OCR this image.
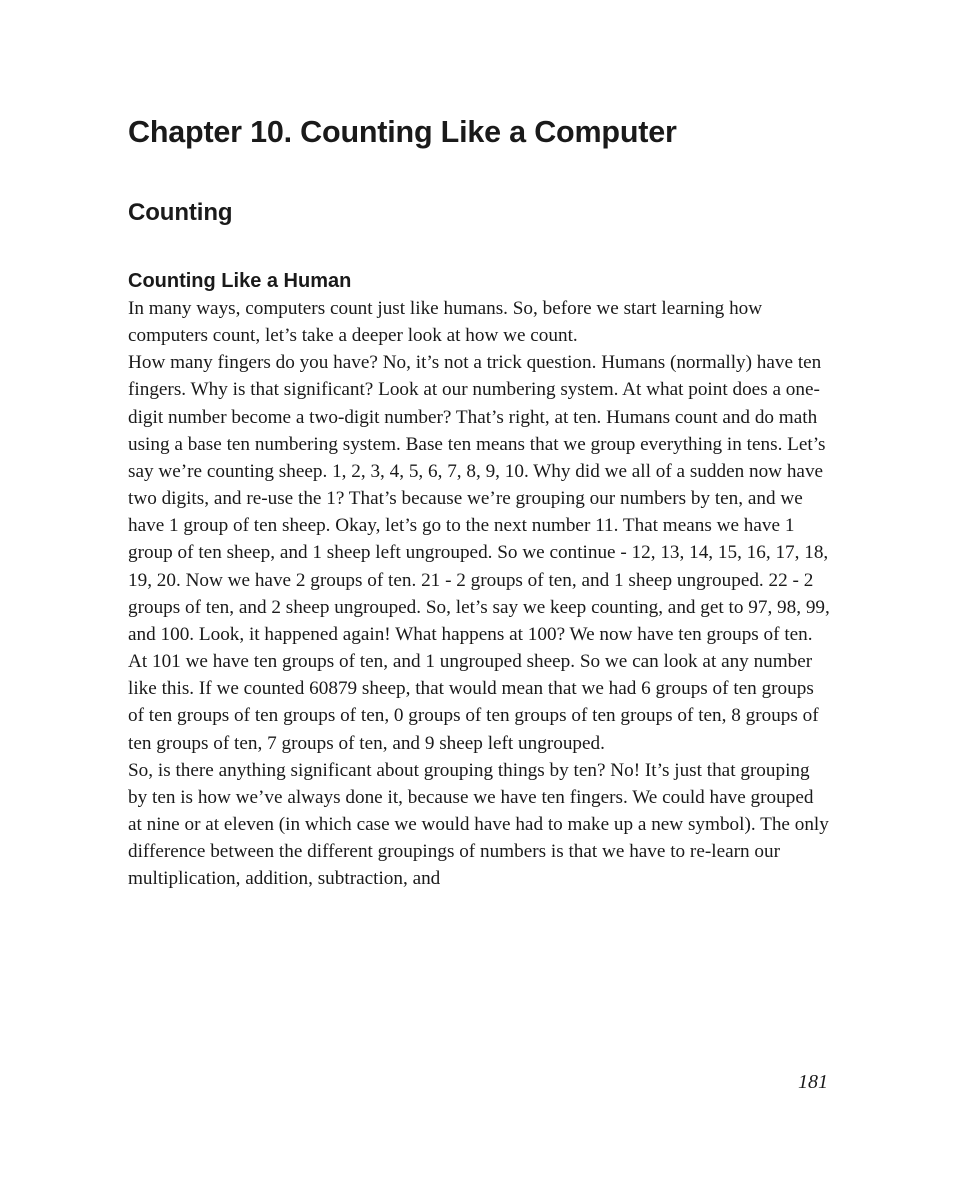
Chapter 10. Counting Like a Computer
Counting
Counting Like a Human

In many ways, computers count just like humans. So, before we start learning how computers count, let’s take a deeper look at how we count.

How many fingers do you have? No, it’s not a trick question. Humans (normally) have ten fingers. Why is that significant? Look at our numbering system. At what point does a one-digit number become a two-digit number? That’s right, at ten. Humans count and do math using a base ten numbering system. Base ten means that we group everything in tens. Let’s say we’re counting sheep. 1, 2, 3, 4, 5, 6, 7, 8, 9, 10. Why did we all of a sudden now have two digits, and re-use the 1? That’s because we’re grouping our numbers by ten, and we have 1 group of ten sheep. Okay, let’s go to the next number 11. That means we have 1 group of ten sheep, and 1 sheep left ungrouped. So we continue - 12, 13, 14, 15, 16, 17, 18, 19, 20. Now we have 2 groups of ten. 21 - 2 groups of ten, and 1 sheep ungrouped. 22 - 2 groups of ten, and 2 sheep ungrouped. So, let’s say we keep counting, and get to 97, 98, 99, and 100. Look, it happened again! What happens at 100? We now have ten groups of ten. At 101 we have ten groups of ten, and 1 ungrouped sheep. So we can look at any number like this. If we counted 60879 sheep, that would mean that we had 6 groups of ten groups of ten groups of ten groups of ten, 0 groups of ten groups of ten groups of ten, 8 groups of ten groups of ten, 7 groups of ten, and 9 sheep left ungrouped.

So, is there anything significant about grouping things by ten? No! It’s just that grouping by ten is how we’ve always done it, because we have ten fingers. We could have grouped at nine or at eleven (in which case we would have had to make up a new symbol). The only difference between the different groupings of numbers is that we have to re-learn our multiplication, addition, subtraction, and

181
